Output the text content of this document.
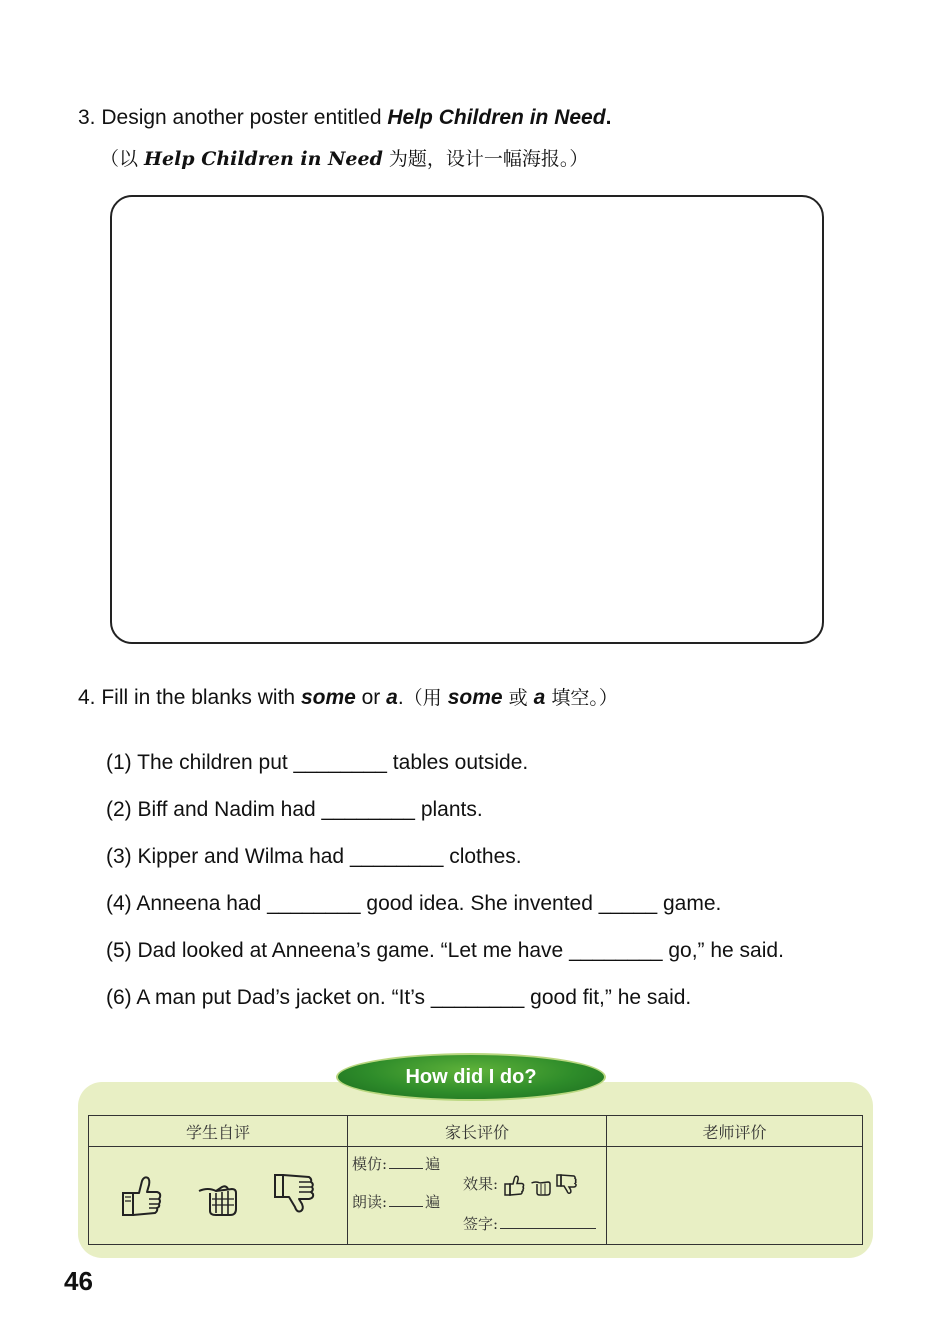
3. Design another poster entitled Help Children in Need.
（以 Help Children in Need 为题，设计一幅海报。）
4. Fill in the blanks with some or a.（用 some 或 a 填空。）
(1) The children put ________ tables outside.
(2) Biff and Nadim had ________ plants.
(3) Kipper and Wilma had ________ clothes.
(4) Anneena had ________ good idea. She invented _____ game.
(5) Dad looked at Anneena’s game. “Let me have ________ go,” he said.
(6) A man put Dad’s jacket on. “It’s ________ good fit,” he said.
学生自评	家长评价	老师评价

模仿: 遍
朗读: 遍
效果:
签字:	

How did I do?
46
